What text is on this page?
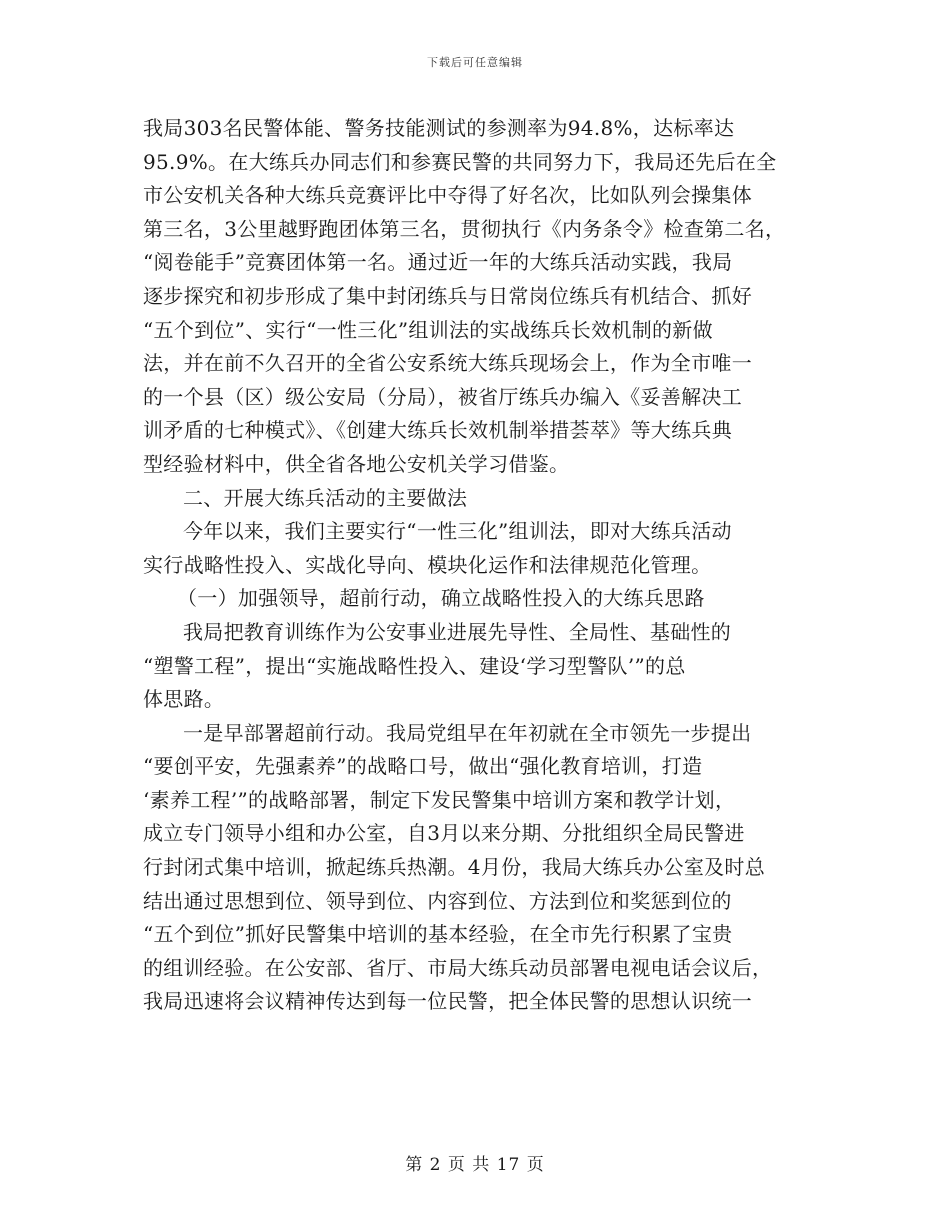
下载后可任意编辑
我局303名民警体能、警务技能测试的参测率为94.8%，达标率达
95.9%。在大练兵办同志们和参赛民警的共同努力下，我局还先后在全
市公安机关各种大练兵竞赛评比中夺得了好名次，比如队列会操集体
第三名，3公里越野跑团体第三名，贯彻执行《内务条令》检查第二名，
“阅卷能手”竞赛团体第一名。通过近一年的大练兵活动实践，我局
逐步探究和初步形成了集中封闭练兵与日常岗位练兵有机结合、抓好
“五个到位”、实行“一性三化”组训法的实战练兵长效机制的新做
法，并在前不久召开的全省公安系统大练兵现场会上，作为全市唯一
的一个县（区）级公安局（分局），被省厅练兵办编入《妥善解决工
训矛盾的七种模式》、《创建大练兵长效机制举措荟萃》等大练兵典
型经验材料中，供全省各地公安机关学习借鉴。
二、开展大练兵活动的主要做法
今年以来，我们主要实行“一性三化”组训法，即对大练兵活动
实行战略性投入、实战化导向、模块化运作和法律规范化管理。
（一）加强领导，超前行动，确立战略性投入的大练兵思路
我局把教育训练作为公安事业进展先导性、全局性、基础性的
“塑警工程”，提出“实施战略性投入、建设‘学习型警队’”的总
体思路。
一是早部署超前行动。我局党组早在年初就在全市领先一步提出
“要创平安，先强素养”的战略口号，做出“强化教育培训，打造
‘素养工程’”的战略部署，制定下发民警集中培训方案和教学计划，
成立专门领导小组和办公室，自3月以来分期、分批组织全局民警进
行封闭式集中培训，掀起练兵热潮。4月份，我局大练兵办公室及时总
结出通过思想到位、领导到位、内容到位、方法到位和奖惩到位的
“五个到位”抓好民警集中培训的基本经验，在全市先行积累了宝贵
的组训经验。在公安部、省厅、市局大练兵动员部署电视电话会议后，
我局迅速将会议精神传达到每一位民警，把全体民警的思想认识统一
第 2 页 共 17 页
